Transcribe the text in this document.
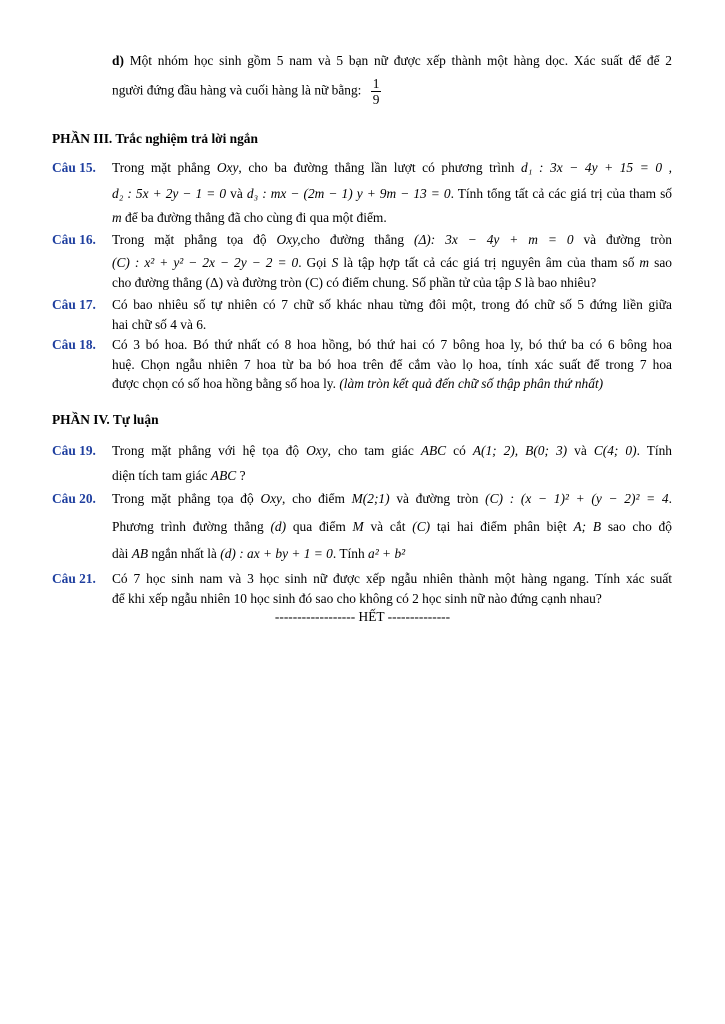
d) Một nhóm học sinh gồm 5 nam và 5 bạn nữ được xếp thành một hàng dọc. Xác suất để để 2
người đứng đầu hàng và cuối hàng là nữ bằng: $\frac{1}{9}$
PHẦN III. Trắc nghiệm trả lời ngắn
Câu 15. Trong mặt phẳng Oxy, cho ba đường thẳng lần lượt có phương trình d₁ : 3x − 4y + 15 = 0 ,
d₂ : 5x + 2y − 1 = 0 và d₃ : mx − (2m − 1) y + 9m − 13 = 0. Tính tổng tất cả các giá trị của tham số
m để ba đường thẳng đã cho cùng đi qua một điểm.
Câu 16. Trong mặt phẳng tọa độ Oxy,cho đường thẳng (Δ): 3x − 4y + m = 0 và đường tròn
(C) : x² + y² − 2x − 2y − 2 = 0. Gọi S là tập hợp tất cả các giá trị nguyên âm của tham số m sao
cho đường thẳng (Δ) và đường tròn (C) có điểm chung. Số phần tử của tập S là bao nhiêu?
Câu 17. Có bao nhiêu số tự nhiên có 7 chữ số khác nhau từng đôi một, trong đó chữ số 5 đứng liền giữa
hai chữ số 4 và 6.
Câu 18. Có 3 bó hoa. Bó thứ nhất có 8 hoa hồng, bó thứ hai có 7 bông hoa ly, bó thứ ba có 6 bông hoa
huệ. Chọn ngẫu nhiên 7 hoa từ ba bó hoa trên để cắm vào lọ hoa, tính xác suất để trong 7 hoa
được chọn có số hoa hồng bằng số hoa ly. (làm tròn kết quả đến chữ số thập phân thứ nhất)
PHẦN IV. Tự luận
Câu 19. Trong mặt phẳng với hệ tọa độ Oxy, cho tam giác ABC có A(1; 2), B(0; 3) và C(4; 0). Tính
diện tích tam giác ABC ?
Câu 20. Trong mặt phẳng tọa độ Oxy, cho điểm M(2;1) và đường tròn (C) : (x − 1)² + (y − 2)² = 4.
Phương trình đường thẳng (d) qua điểm M và cắt (C) tại hai điểm phân biệt A; B sao cho độ
dài AB ngắn nhất là (d) : ax + by + 1 = 0. Tính a² + b²
Câu 21. Có 7 học sinh nam và 3 học sinh nữ được xếp ngẫu nhiên thành một hàng ngang. Tính xác suất
để khi xếp ngẫu nhiên 10 học sinh đó sao cho không có 2 học sinh nữ nào đứng cạnh nhau?
------------------ HẾT --------------
